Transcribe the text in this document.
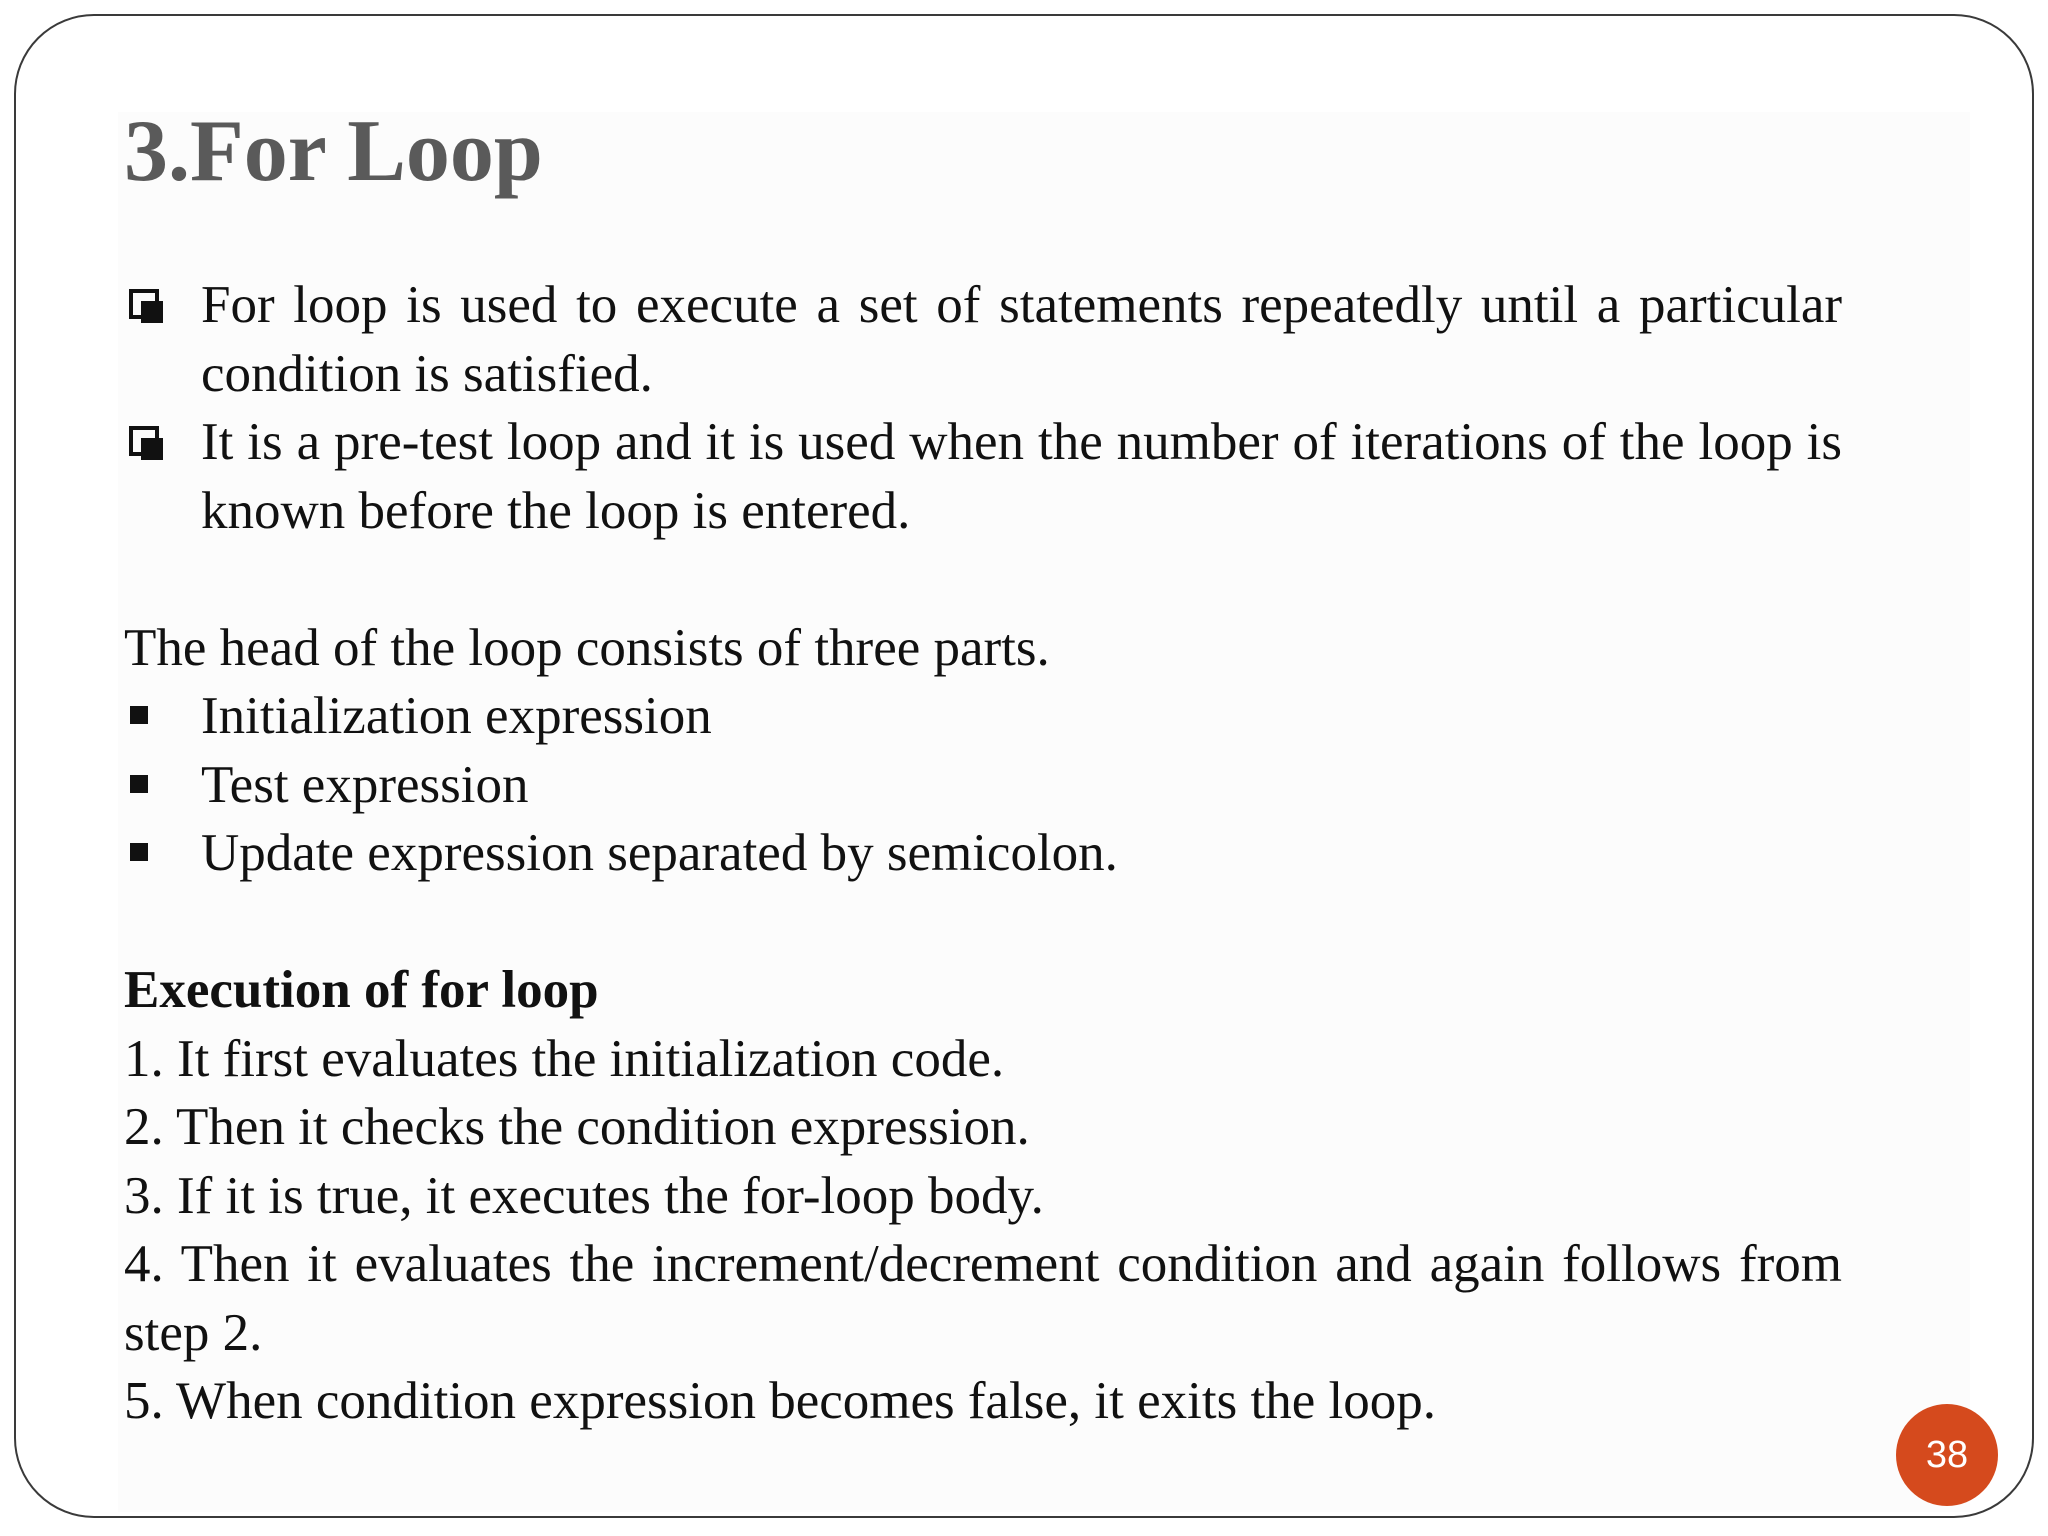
3.For Loop
For loop is used to execute a set of statements repeatedly until a particular condition is satisfied.
It is a pre-test loop and it is used when the number of iterations of the loop is known before the loop is entered.
The head of the loop consists of three parts.
Initialization expression
Test expression
Update expression separated by semicolon.
Execution of for loop
1. It first evaluates the initialization code.
2. Then it checks the condition expression.
3. If it is true, it executes the for-loop body.
4. Then it evaluates the increment/decrement condition and again follows from step 2.
5. When condition expression becomes false, it exits the loop.
38
